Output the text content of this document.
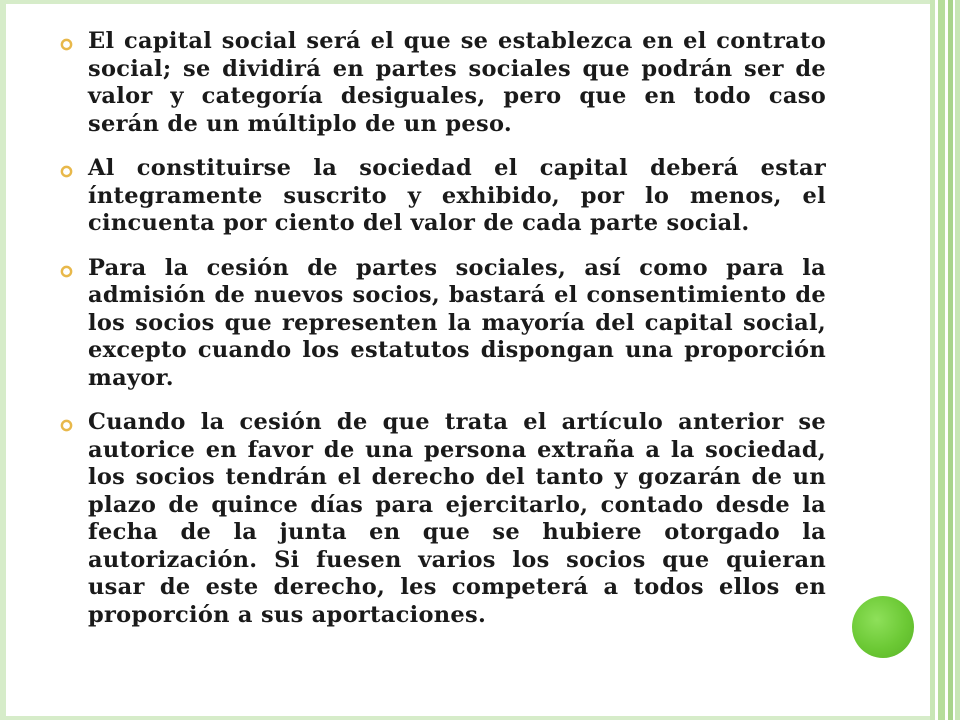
El capital social será el que se establezca en el contrato social; se dividirá en partes sociales que podrán ser de valor y categoría desiguales, pero que en todo caso serán de un múltiplo de un peso.
Al constituirse la sociedad el capital deberá estar íntegramente suscrito y exhibido, por lo menos, el cincuenta por ciento del valor de cada parte social.
Para la cesión de partes sociales, así como para la admisión de nuevos socios, bastará el consentimiento de los socios que representen la mayoría del capital social, excepto cuando los estatutos dispongan una proporción mayor.
Cuando la cesión de que trata el artículo anterior se autorice en favor de una persona extraña a la sociedad, los socios tendrán el derecho del tanto y gozarán de un plazo de quince días para ejercitarlo, contado desde la fecha de la junta en que se hubiere otorgado la autorización. Si fuesen varios los socios que quieran usar de este derecho, les competerá a todos ellos en proporción a sus aportaciones.
